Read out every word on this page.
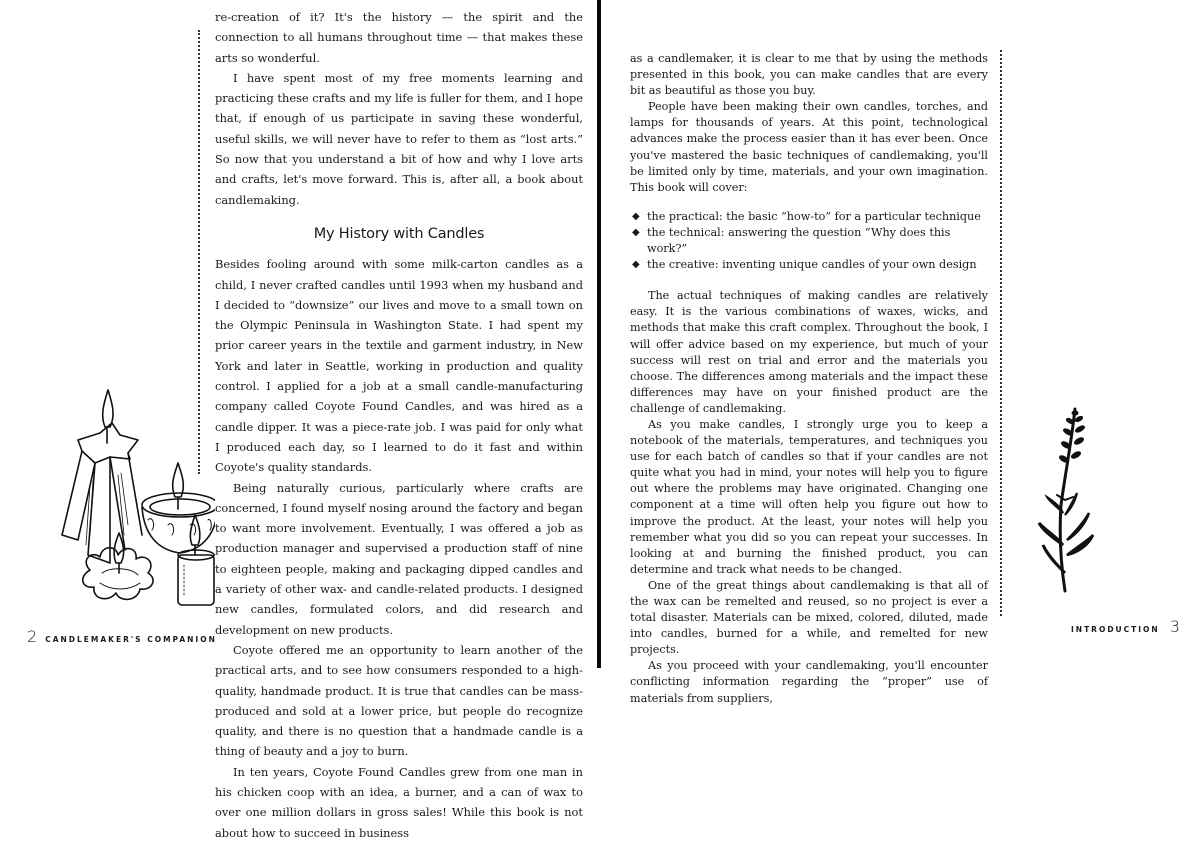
re-creation of it? It's the history — the spirit and the connection to all humans throughout time — that makes these arts so wonderful.

I have spent most of my free moments learning and practicing these crafts and my life is fuller for them, and I hope that, if enough of us participate in saving these wonderful, useful skills, we will never have to refer to them as “lost arts.” So now that you understand a bit of how and why I love arts and crafts, let's move forward. This is, after all, a book about candlemaking.

My History with Candles

Besides fooling around with some milk-carton candles as a child, I never crafted candles until 1993 when my husband and I decided to “downsize” our lives and move to a small town on the Olympic Peninsula in Washington State. I had spent my prior career years in the textile and garment industry, in New York and later in Seattle, working in production and quality control. I applied for a job at a small candle-manufacturing company called Coyote Found Candles, and was hired as a candle dipper. It was a piece-rate job. I was paid for only what I produced each day, so I learned to do it fast and within Coyote's quality standards.

Being naturally curious, particularly where crafts are concerned, I found myself nosing around the factory and began to want more involvement. Eventually, I was offered a job as production manager and supervised a production staff of nine to eighteen people, making and packaging dipped candles and a variety of other wax- and candle-related products. I designed new candles, formulated colors, and did research and development on new products.

Coyote offered me an opportunity to learn another of the practical arts, and to see how consumers responded to a high-quality, handmade product. It is true that candles can be mass-produced and sold at a lower price, but people do recognize quality, and there is no question that a handmade candle is a thing of beauty and a joy to burn.

In ten years, Coyote Found Candles grew from one man in his chicken coop with an idea, a burner, and a can of wax to over one million dollars in gross sales! While this book is not about how to succeed in business

as a candlemaker, it is clear to me that by using the methods presented in this book, you can make candles that are every bit as beautiful as those you buy.

People have been making their own candles, torches, and lamps for thousands of years. At this point, technological advances make the process easier than it has ever been. Once you've mastered the basic techniques of candlemaking, you'll be limited only by time, materials, and your own imagination. This book will cover:

◆ the practical: the basic “how-to” for a particular technique
◆ the technical: answering the question “Why does this work?”
◆ the creative: inventing unique candles of your own design

The actual techniques of making candles are relatively easy. It is the various combinations of waxes, wicks, and methods that make this craft complex. Throughout the book, I will offer advice based on my experience, but much of your success will rest on trial and error and the materials you choose. The differences among materials and the impact these differences may have on your finished product are the challenge of candlemaking.

As you make candles, I strongly urge you to keep a notebook of the materials, temperatures, and techniques you use for each batch of candles so that if your candles are not quite what you had in mind, your notes will help you to figure out where the problems may have originated. Changing one component at a time will often help you figure out how to improve the product. At the least, your notes will help you remember what you did so you can repeat your successes. In looking at and burning the finished product, you can determine and track what needs to be changed.

One of the great things about candlemaking is that all of the wax can be remelted and reused, so no project is ever a total disaster. Materials can be mixed, colored, diluted, made into candles, burned for a while, and remelted for new projects.

As you proceed with your candlemaking, you'll encounter conflicting information regarding the “proper” use of materials from suppliers,

2 CANDLEMAKER'S COMPANION
INTRODUCTION 3
